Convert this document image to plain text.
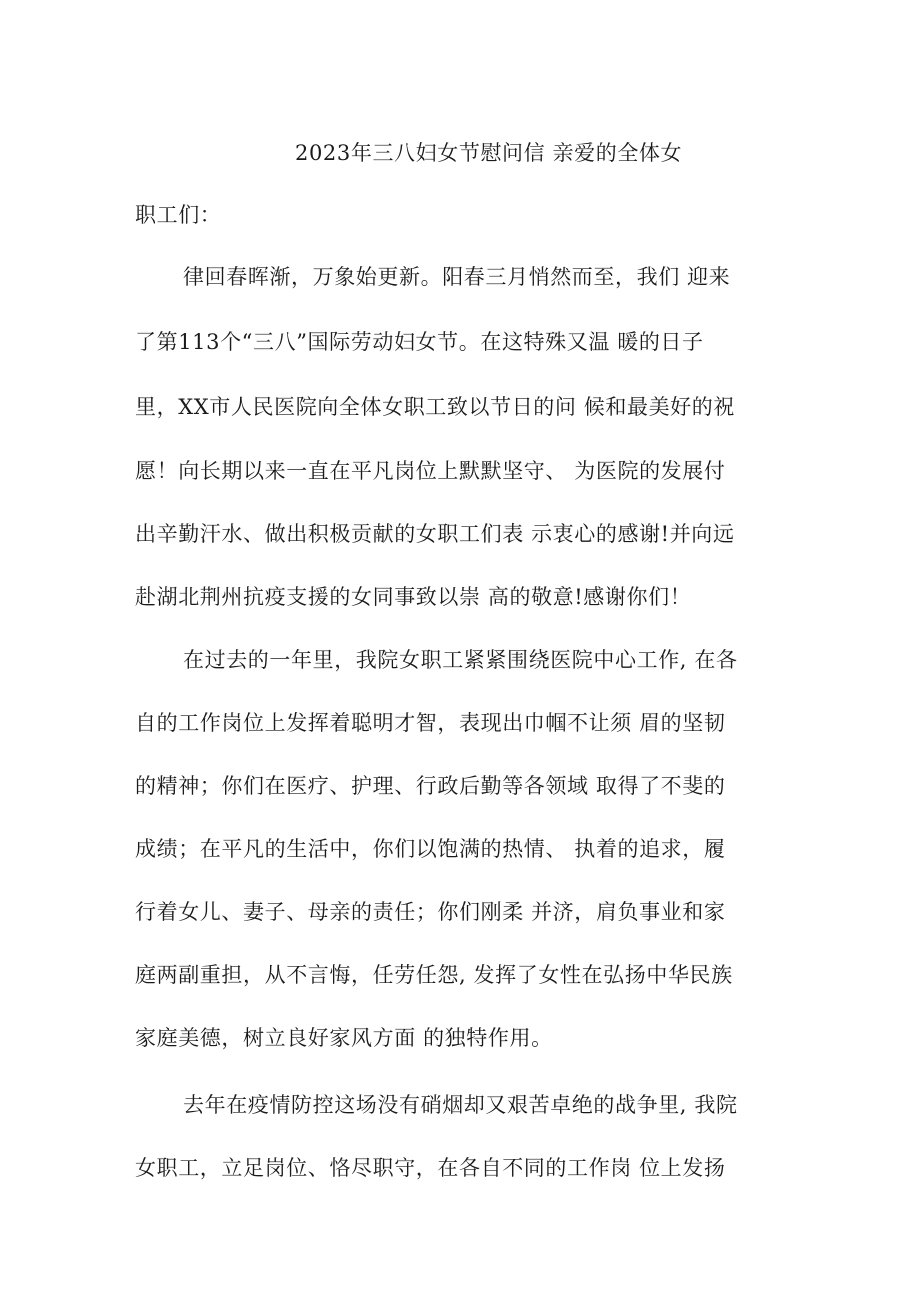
2023年三八妇女节慰问信 亲爱的全体女
职工们：
律回春晖渐，万象始更新。阳春三月悄然而至，我们 迎来
了第113个“三八”国际劳动妇女节。在这特殊又温 暖的日子
里，XX市人民医院向全体女职工致以节日的问 候和最美好的祝
愿！向长期以来一直在平凡岗位上默默坚守、 为医院的发展付
出辛勤汗水、做出积极贡献的女职工们表 示衷心的感谢!并向远
赴湖北荆州抗疫支援的女同事致以崇 高的敬意!感谢你们！
在过去的一年里，我院女职工紧紧围绕医院中心工作, 在各
自的工作岗位上发挥着聪明才智，表现出巾帼不让须 眉的坚韧
的精神；你们在医疗、护理、行政后勤等各领域 取得了不斐的
成绩；在平凡的生活中，你们以饱满的热情、 执着的追求，履
行着女儿、妻子、母亲的责任；你们刚柔 并济，肩负事业和家
庭两副重担，从不言悔，任劳任怨, 发挥了女性在弘扬中华民族
家庭美德，树立良好家风方面 的独特作用。
去年在疫情防控这场没有硝烟却又艰苦卓绝的战争里, 我院
女职工，立足岗位、恪尽职守，在各自不同的工作岗 位上发扬
